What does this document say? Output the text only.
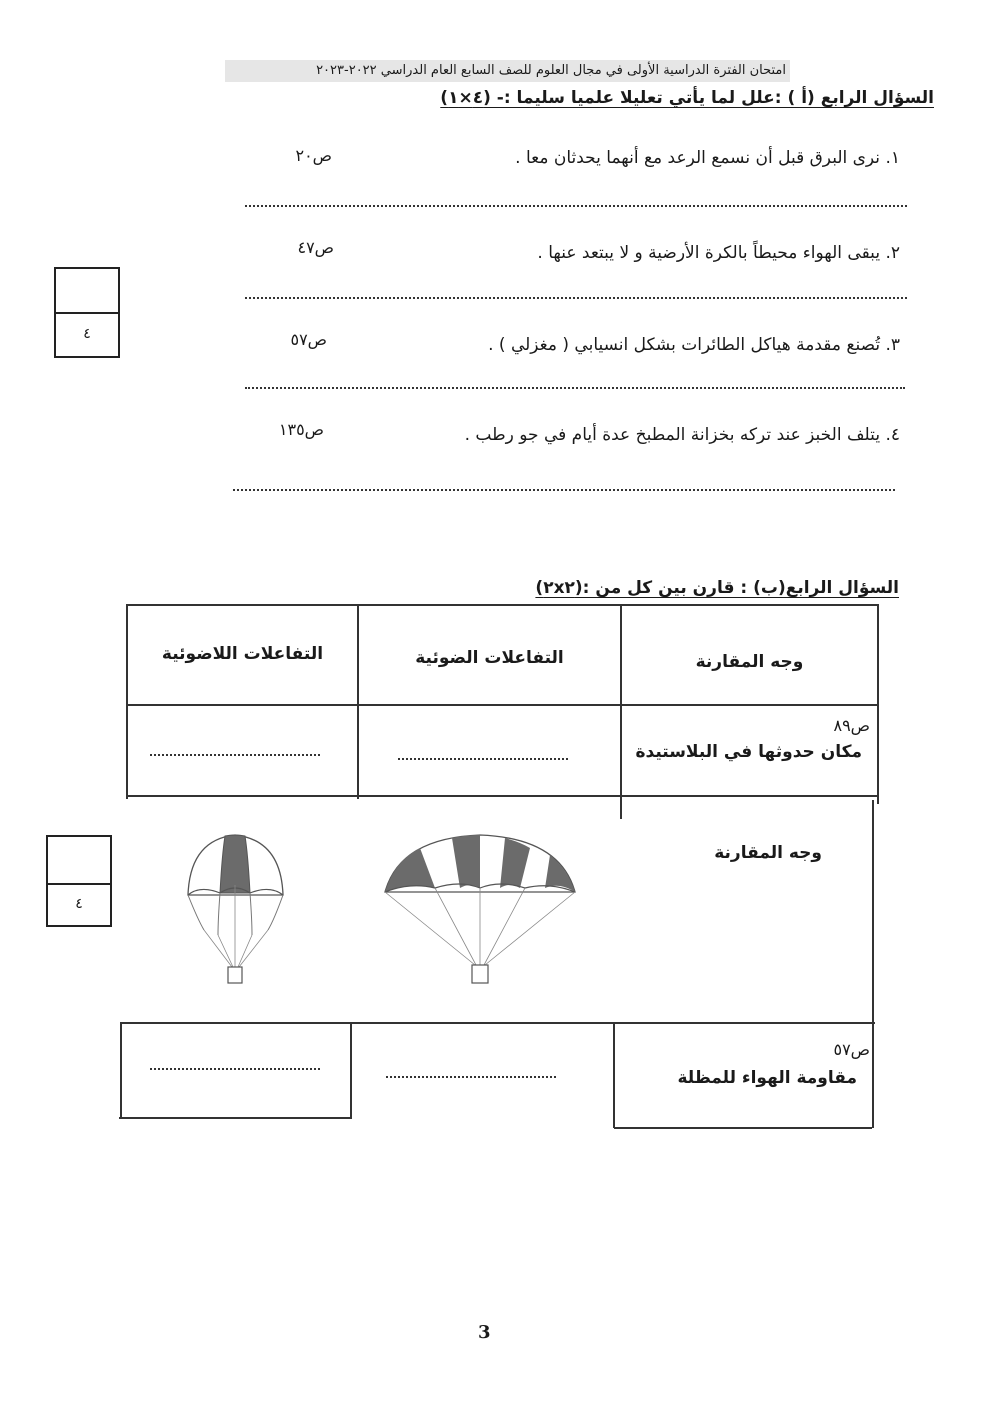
امتحان الفترة الدراسية الأولى في مجال العلوم للصف السابع العام الدراسي ٢٠٢٢-٢٠٢٣
السؤال الرابع (أ ) :علل لما يأتي تعليلا علميا سليما :- (٤×١)
١. نرى البرق قبل أن نسمع الرعد مع أنهما يحدثان معا .
ص٢٠
٢. يبقى الهواء محيطاً بالكرة الأرضية و لا يبتعد عنها .
ص٤٧
٣. تُصنع مقدمة هياكل الطائرات بشكل انسيابي ( مغزلي ) .
ص٥٧
٤. يتلف الخبز عند تركه بخزانة المطبخ عدة أيام في جو رطب .
ص١٣٥
٤
السؤال الرابع(ب) : قارن بين كل من :(٢x٢)
وجه المقارنة
التفاعلات الضوئية
التفاعلات اللاضوئية
ص٨٩
مكان حدوثها في البلاستيدة
وجه المقارنة
ص٥٧
مقاومة الهواء للمظلة
٤
3
